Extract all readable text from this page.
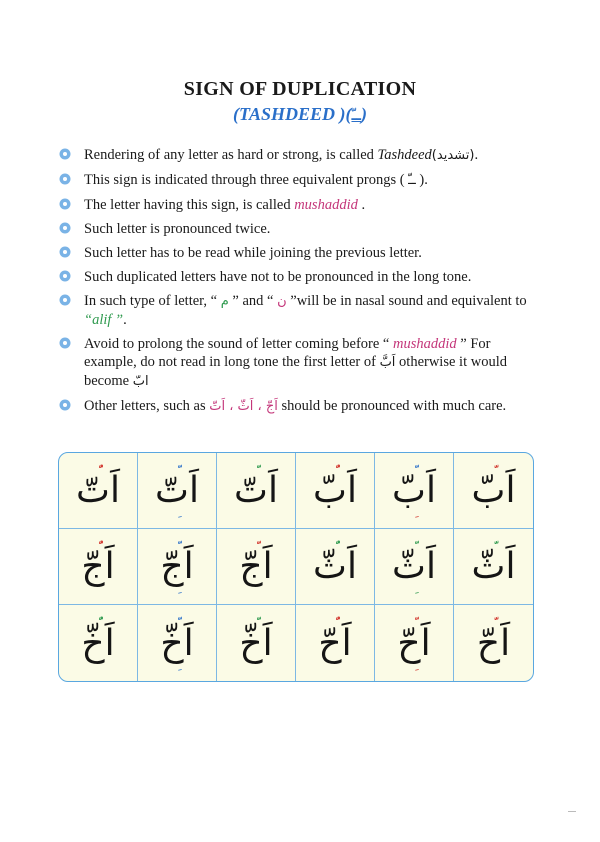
SIGN OF DUPLICATION
(TASHDEED )(ــّ)
Rendering of any letter as hard or strong, is called Tashdeed(تشدید).
This sign is indicated through three equivalent prongs ( ــّ ).
The letter having this sign, is called mushaddid .
Such letter is pronounced twice.
Such letter has to be read while joining the previous letter.
Such duplicated letters have not to be pronounced in the long tone.
In such type of letter, “ م ” and “ ن ”will be in nasal sound and equivalent to “alif ”.
Avoid to prolong the sound of letter coming before “ mushaddid ” For example, do not read in long tone the first letter of اَبَّ otherwise it would become ابّ
Other letters, such as اَجّ ، اَثّ ، اَتّ should be pronounced with much care.
اَتّ اَتّ اَتّ اَبّ اَبّ اَبّ
اَجّ اَجّ اَجّ اَثّ اَثّ اَثّ
اَخّ اَخّ اَخّ اَحّ اَحّ اَحّ
